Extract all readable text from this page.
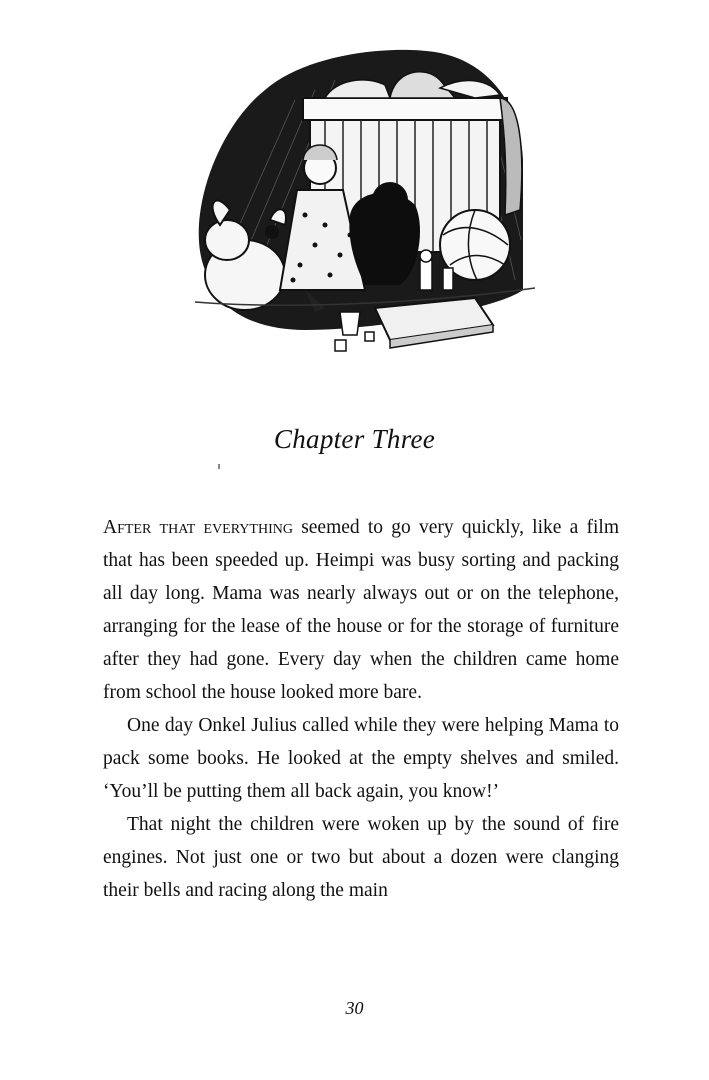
Chapter Three

After that everything seemed to go very quickly, like a film that has been speeded up. Heimpi was busy sorting and packing all day long. Mama was nearly always out or on the telephone, arranging for the lease of the house or for the storage of furniture after they had gone. Every day when the children came home from school the house looked more bare.

One day Onkel Julius called while they were helping Mama to pack some books. He looked at the empty shelves and smiled. ‘You’ll be putting them all back again, you know!’

That night the children were woken up by the sound of fire engines. Not just one or two but about a dozen were clanging their bells and racing along the main

30
